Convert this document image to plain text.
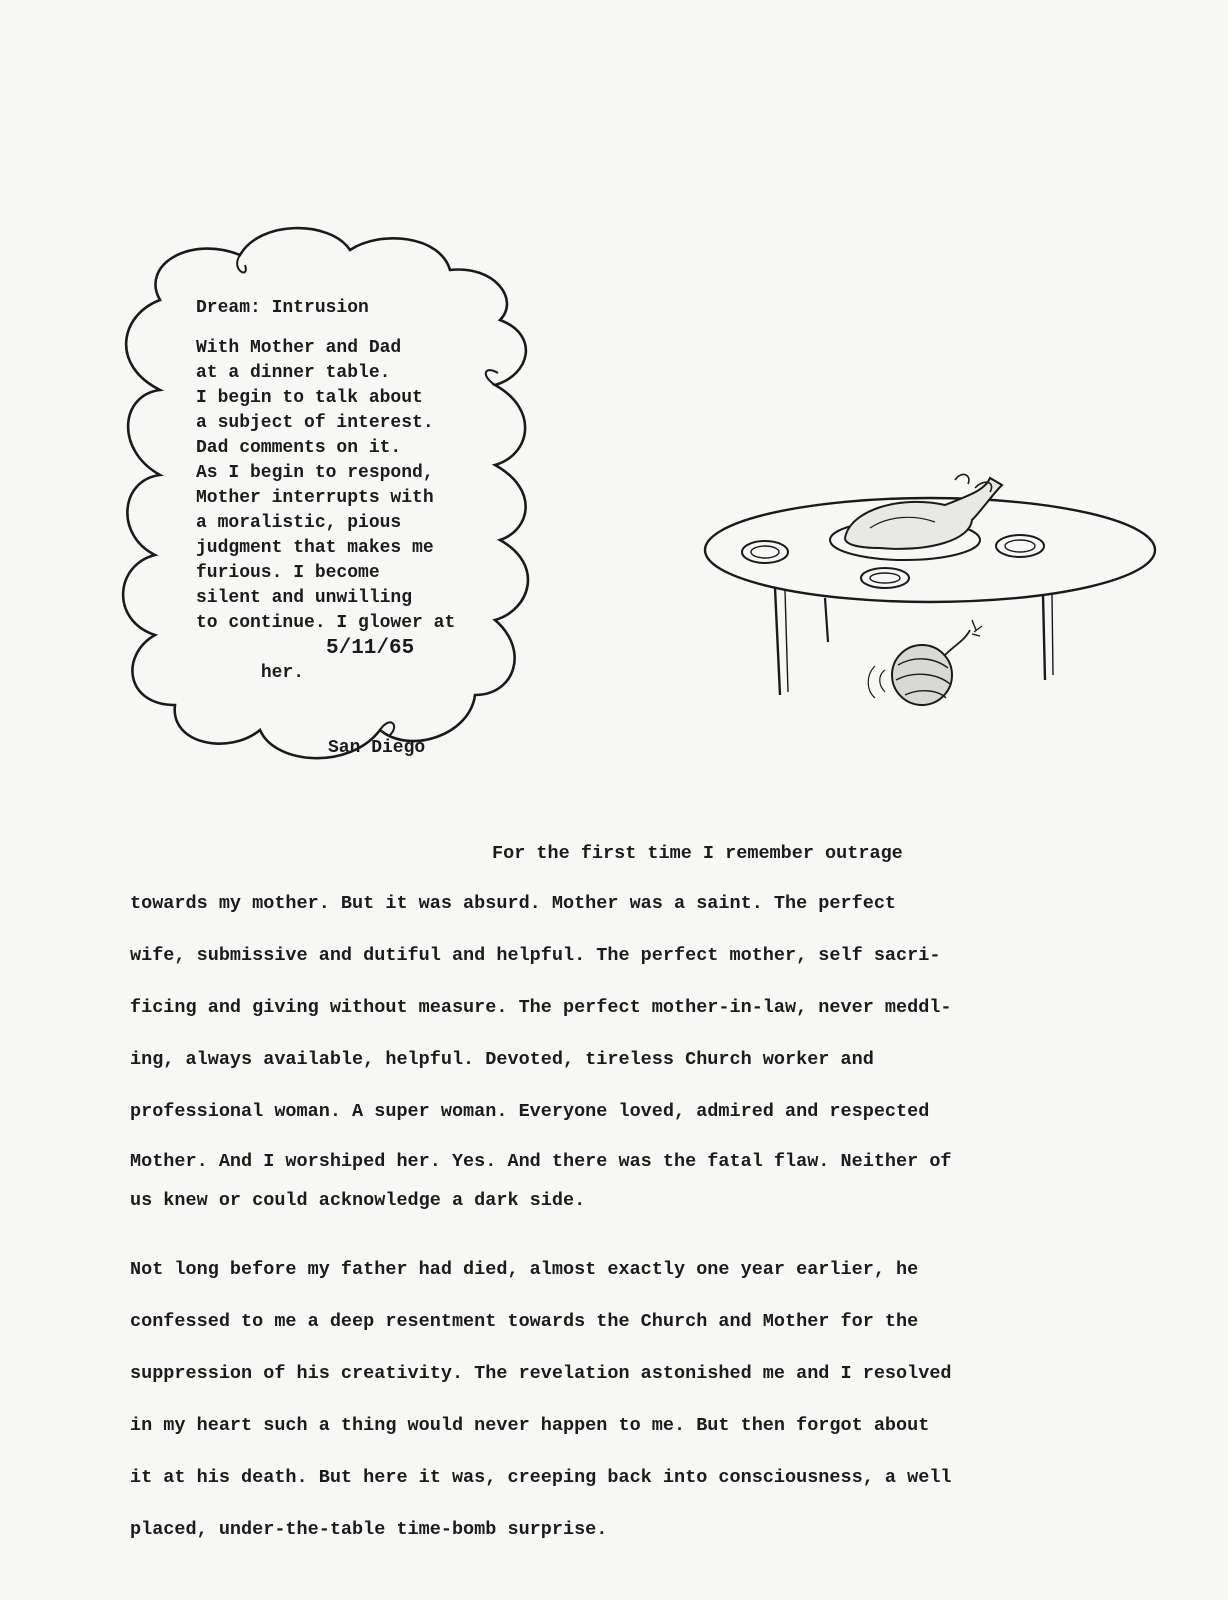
Dream: Intrusion
With Mother and Dad
at a dinner table.
I begin to talk about
a subject of interest.
Dad comments on it.
As I begin to respond,
Mother interrupts with
a moralistic, pious
judgment that makes me
furious. I become
silent and unwilling
to continue. I glower at

her.

5/11/65

San Diego
For the first time I remember outrage
towards my mother. But it was absurd. Mother was a saint. The perfect
wife, submissive and dutiful and helpful. The perfect mother, self sacri-
ficing and giving without measure. The perfect mother-in-law, never meddl-
ing, always available, helpful. Devoted, tireless Church worker and
professional woman. A super woman. Everyone loved, admired and respected
Mother. And I worshiped her. Yes. And there was the fatal flaw. Neither of
us knew or could acknowledge a dark side.
Not long before my father had died, almost exactly one year earlier, he
confessed to me a deep resentment towards the Church and Mother for the
suppression of his creativity. The revelation astonished me and I resolved
in my heart such a thing would never happen to me. But then forgot about
it at his death. But here it was, creeping back into consciousness, a well
placed, under-the-table time-bomb surprise.
